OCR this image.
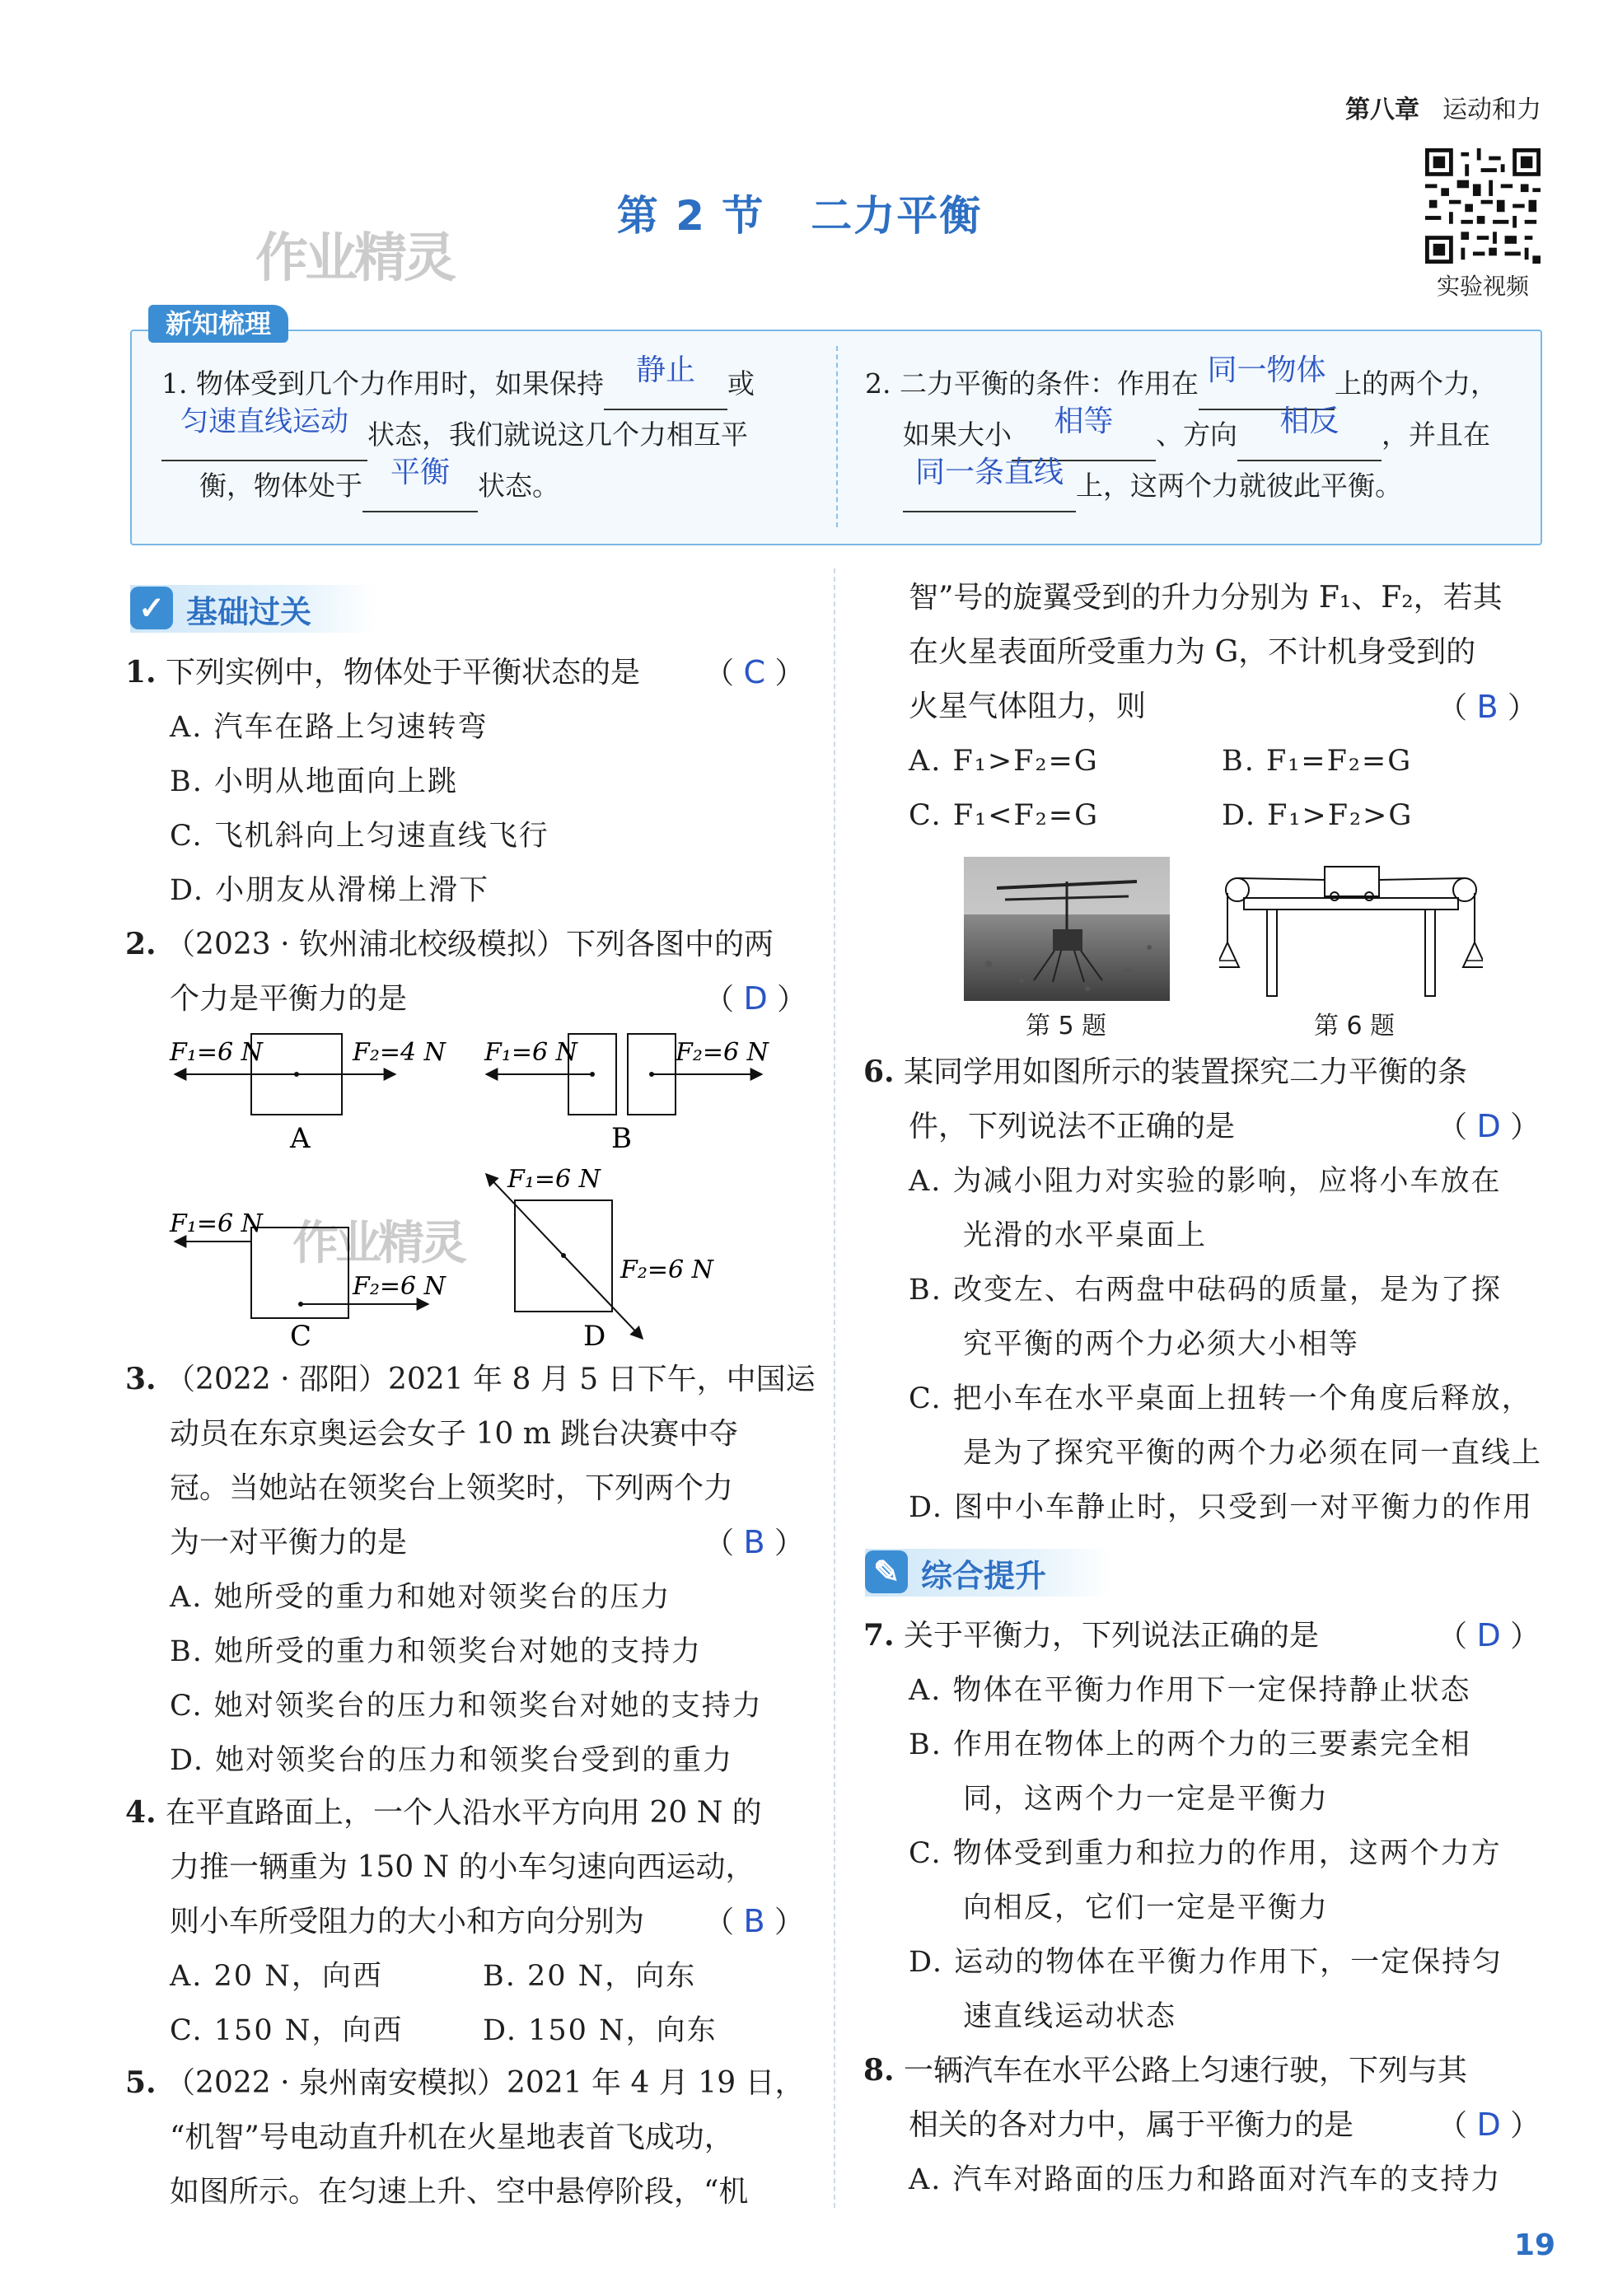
第八章 运动和力
实验视频
第 2 节 二力平衡
作业精灵
作业精灵
新知梳理
1. 物体受到几个力作用时，如果保持	静止	或
匀速直线运动 状态，我们就说这几个力相互平
衡，物体处于 平衡	状态。
2. 二力平衡的条件：作用在 同一物体 上的两个力，
如果大小	相等	、方向	相反	，并且在
同一条直线 上，这两个力就彼此平衡。
✓ 基础过关
1. 下列实例中，物体处于平衡状态的是
A. 汽车在路上匀速转弯
B. 小明从地面向上跳
C. 飞机斜向上匀速直线飞行
D. 小朋友从滑梯上滑下
（ C ）
2. （2023 · 钦州浦北校级模拟）下列各图中的两
个力是平衡力的是	（ D ）
F₁=6 N	F₂=4 N
A
F₁=6 N	F₂=6 N
B
F₁=6 N
F₂=6 N
C
F₁=6 N
F₂=6 N
D
3. （2022 · 邵阳）2021 年 8 月 5 日下午，中国运
动员在东京奥运会女子 10 m 跳台决赛中夺
冠。当她站在领奖台上领奖时，下列两个力
为一对平衡力的是
A. 她所受的重力和她对领奖台的压力
B. 她所受的重力和领奖台对她的支持力
C. 她对领奖台的压力和领奖台对她的支持力
D. 她对领奖台的压力和领奖台受到的重力
（ B ）
4. 在平直路面上，一个人沿水平方向用 20 N 的
力推一辆重为 150 N 的小车匀速向西运动，
则小车所受阻力的大小和方向分别为
A. 20 N，向西	B. 20 N，向东
C. 150 N，向西	D. 150 N，向东
（ B ）
5. （2022 · 泉州南安模拟）2021 年 4 月 19 日，
“机智”号电动直升机在火星地表首飞成功，
如图所示。在匀速上升、空中悬停阶段，“机
智”号的旋翼受到的升力分别为 F₁、F₂，若其
在火星表面所受重力为 G，不计机身受到的
火星气体阻力，则
A. F₁>F₂=G	B. F₁=F₂=G
C. F₁<F₂=G	D. F₁>F₂>G
（ B ）
第 5 题	第 6 题
6. 某同学用如图所示的装置探究二力平衡的条
件，下列说法不正确的是
A. 为减小阻力对实验的影响，应将小车放在
光滑的水平桌面上
B. 改变左、右两盘中砝码的质量，是为了探
究平衡的两个力必须大小相等
C. 把小车在水平桌面上扭转一个角度后释放，
是为了探究平衡的两个力必须在同一直线上
D. 图中小车静止时，只受到一对平衡力的作用
（ D ）
✎ 综合提升
7. 关于平衡力，下列说法正确的是
A. 物体在平衡力作用下一定保持静止状态
B. 作用在物体上的两个力的三要素完全相
同，这两个力一定是平衡力
C. 物体受到重力和拉力的作用，这两个力方
向相反，它们一定是平衡力
D. 运动的物体在平衡力作用下，一定保持匀
速直线运动状态
（ D ）
8. 一辆汽车在水平公路上匀速行驶，下列与其
相关的各对力中，属于平衡力的是
A. 汽车对路面的压力和路面对汽车的支持力
（ D ）
19
